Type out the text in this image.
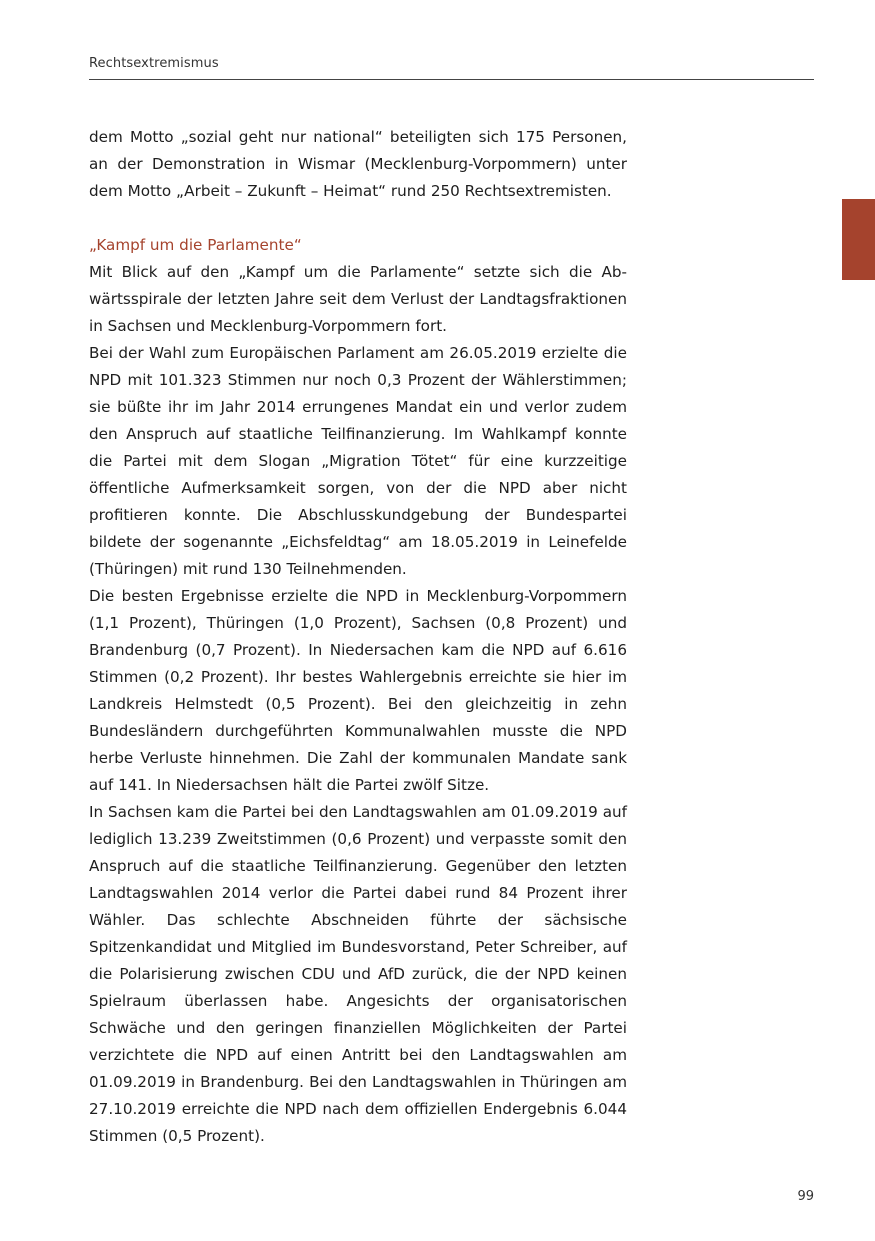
Rechtsextremismus

dem Motto „sozial geht nur national“ beteiligten sich 175 Personen, an der Demonstration in Wismar (Mecklenburg-Vorpommern) unter dem Motto „Arbeit – Zukunft – Heimat“ rund 250 Rechtsextremisten.

„Kampf um die Parlamente“

Mit Blick auf den „Kampf um die Parlamente“ setzte sich die Abwärtsspirale der letzten Jahre seit dem Verlust der Landtagsfraktionen in Sachsen und Mecklenburg-Vorpommern fort.

Bei der Wahl zum Europäischen Parlament am 26.05.2019 erzielte die NPD mit 101.323 Stimmen nur noch 0,3 Prozent der Wählerstimmen; sie büßte ihr im Jahr 2014 errungenes Mandat ein und verlor zudem den Anspruch auf staatliche Teilfinanzierung. Im Wahlkampf konnte die Partei mit dem Slogan „Migration Tötet“ für eine kurzzeitige öffentliche Aufmerksamkeit sorgen, von der die NPD aber nicht profitieren konnte. Die Abschlusskundgebung der Bundespartei bildete der sogenannte „Eichsfeldtag“ am 18.05.2019 in Leinefelde (Thüringen) mit rund 130 Teilnehmenden.

Die besten Ergebnisse erzielte die NPD in Mecklenburg-Vorpommern (1,1 Prozent), Thüringen (1,0 Prozent), Sachsen (0,8 Prozent) und Brandenburg (0,7 Prozent). In Niedersachen kam die NPD auf 6.616 Stimmen (0,2 Prozent). Ihr bestes Wahlergebnis erreichte sie hier im Landkreis Helmstedt (0,5 Prozent). Bei den gleichzeitig in zehn Bundesländern durchgeführten Kommunalwahlen musste die NPD herbe Verluste hinnehmen. Die Zahl der kommunalen Mandate sank auf 141. In Niedersachsen hält die Partei zwölf Sitze.

In Sachsen kam die Partei bei den Landtagswahlen am 01.09.2019 auf lediglich 13.239 Zweitstimmen (0,6 Prozent) und verpasste somit den Anspruch auf die staatliche Teilfinanzierung. Gegenüber den letzten Landtagswahlen 2014 verlor die Partei dabei rund 84 Prozent ihrer Wähler. Das schlechte Abschneiden führte der sächsische Spitzenkandidat und Mitglied im Bundesvorstand, Peter Schreiber, auf die Polarisierung zwischen CDU und AfD zurück, die der NPD keinen Spielraum überlassen habe. Angesichts der organisatorischen Schwäche und den geringen finanziellen Möglichkeiten der Partei verzichtete die NPD auf einen Antritt bei den Landtagswahlen am 01.09.2019 in Brandenburg. Bei den Landtagswahlen in Thüringen am 27.10.2019 erreichte die NPD nach dem offiziellen Endergebnis 6.044 Stimmen (0,5 Prozent).

99
